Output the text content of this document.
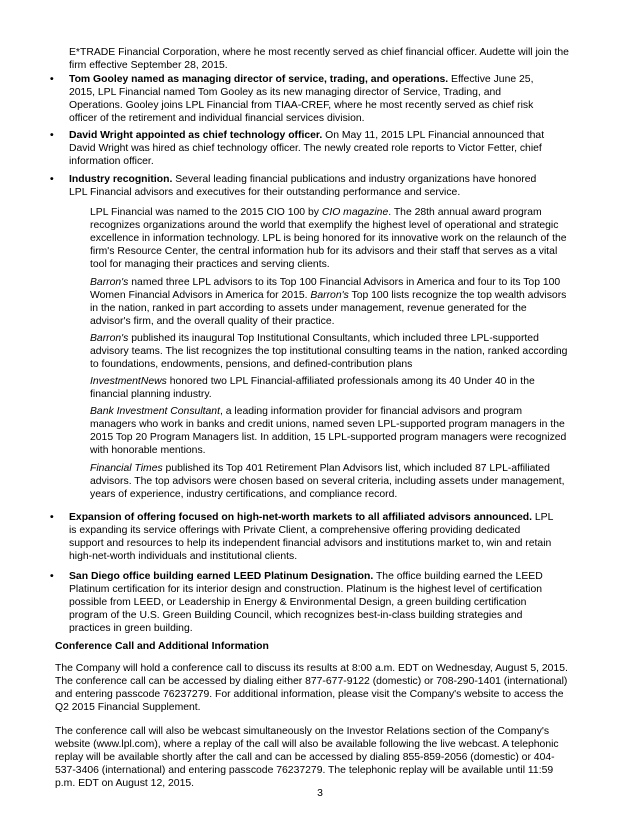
E*TRADE Financial Corporation, where he most recently served as chief financial officer. Audette will join the firm effective September 28, 2015.

• Tom Gooley named as managing director of service, trading, and operations. Effective June 25, 2015, LPL Financial named Tom Gooley as its new managing director of Service, Trading, and Operations. Gooley joins LPL Financial from TIAA-CREF, where he most recently served as chief risk officer of the retirement and individual financial services division.
• David Wright appointed as chief technology officer. On May 11, 2015 LPL Financial announced that David Wright was hired as chief technology officer. The newly created role reports to Victor Fetter, chief information officer.
• Industry recognition. Several leading financial publications and industry organizations have honored LPL Financial advisors and executives for their outstanding performance and service.

LPL Financial was named to the 2015 CIO 100 by CIO magazine. The 28th annual award program recognizes organizations around the world that exemplify the highest level of operational and strategic excellence in information technology. LPL is being honored for its innovative work on the relaunch of the firm's Resource Center, the central information hub for its advisors and their staff that serves as a vital tool for managing their practices and serving clients.

Barron's named three LPL advisors to its Top 100 Financial Advisors in America and four to its Top 100 Women Financial Advisors in America for 2015. Barron's Top 100 lists recognize the top wealth advisors in the nation, ranked in part according to assets under management, revenue generated for the advisor's firm, and the overall quality of their practice.

Barron's published its inaugural Top Institutional Consultants, which included three LPL-supported advisory teams. The list recognizes the top institutional consulting teams in the nation, ranked according to foundations, endowments, pensions, and defined-contribution plans

InvestmentNews honored two LPL Financial-affiliated professionals among its 40 Under 40 in the financial planning industry.

Bank Investment Consultant, a leading information provider for financial advisors and program managers who work in banks and credit unions, named seven LPL-supported program managers in the 2015 Top 20 Program Managers list. In addition, 15 LPL-supported program managers were recognized with honorable mentions.

Financial Times published its Top 401 Retirement Plan Advisors list, which included 87 LPL-affiliated advisors. The top advisors were chosen based on several criteria, including assets under management, years of experience, industry certifications, and compliance record.

• Expansion of offering focused on high-net-worth markets to all affiliated advisors announced. LPL is expanding its service offerings with Private Client, a comprehensive offering providing dedicated support and resources to help its independent financial advisors and institutions market to, win and retain high-net-worth individuals and institutional clients.
• San Diego office building earned LEED Platinum Designation. The office building earned the LEED Platinum certification for its interior design and construction. Platinum is the highest level of certification possible from LEED, or Leadership in Energy & Environmental Design, a green building certification program of the U.S. Green Building Council, which recognizes best-in-class building strategies and practices in green building.

Conference Call and Additional Information

The Company will hold a conference call to discuss its results at 8:00 a.m. EDT on Wednesday, August 5, 2015. The conference call can be accessed by dialing either 877-677-9122 (domestic) or 708-290-1401 (international) and entering passcode 76237279. For additional information, please visit the Company's website to access the Q2 2015 Financial Supplement.

The conference call will also be webcast simultaneously on the Investor Relations section of the Company's website (www.lpl.com), where a replay of the call will also be available following the live webcast. A telephonic replay will be available shortly after the call and can be accessed by dialing 855-859-2056 (domestic) or 404-537-3406 (international) and entering passcode 76237279. The telephonic replay will be available until 11:59 p.m. EDT on August 12, 2015.

3
